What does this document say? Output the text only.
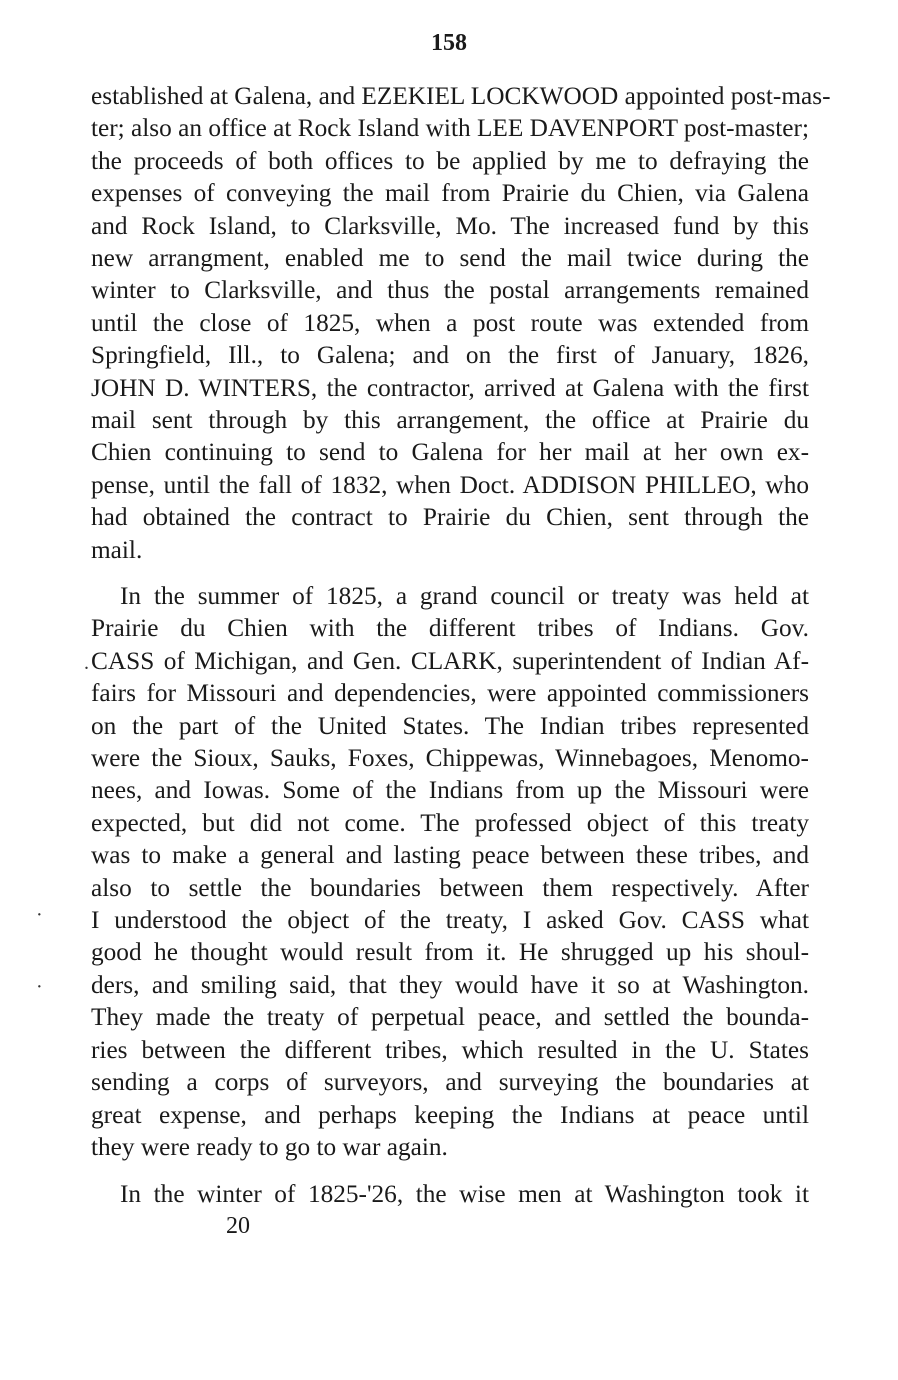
158
established at Galena, and EZEKIEL LOCKWOOD appointed post-mas-
ter; also an office at Rock Island with LEE DAVENPORT post-master;
the proceeds of both offices to be applied by me to defraying the
expenses of conveying the mail from Prairie du Chien, via Galena
and Rock Island, to Clarksville, Mo. The increased fund by this
new arrangment, enabled me to send the mail twice during the
winter to Clarksville, and thus the postal arrangements remained
until the close of 1825, when a post route was extended from
Springfield, Ill., to Galena; and on the first of January, 1826,
JOHN D. WINTERS, the contractor, arrived at Galena with the first
mail sent through by this arrangement, the office at Prairie du
Chien continuing to send to Galena for her mail at her own ex-
pense, until the fall of 1832, when Doct. ADDISON PHILLEO, who
had obtained the contract to Prairie du Chien, sent through the
mail.
In the summer of 1825, a grand council or treaty was held at
Prairie du Chien with the different tribes of Indians. Gov.
CASS of Michigan, and Gen. CLARK, superintendent of Indian Af-
fairs for Missouri and dependencies, were appointed commissioners
on the part of the United States. The Indian tribes represented
were the Sioux, Sauks, Foxes, Chippewas, Winnebagoes, Menomo-
nees, and Iowas. Some of the Indians from up the Missouri were
expected, but did not come. The professed object of this treaty
was to make a general and lasting peace between these tribes, and
also to settle the boundaries between them respectively. After
I understood the object of the treaty, I asked Gov. CASS what
good he thought would result from it. He shrugged up his shoul-
ders, and smiling said, that they would have it so at Washington.
They made the treaty of perpetual peace, and settled the bounda-
ries between the different tribes, which resulted in the U. States
sending a corps of surveyors, and surveying the boundaries at
great expense, and perhaps keeping the Indians at peace until
they were ready to go to war again.
In the winter of 1825-'26, the wise men at Washington took it
20
.
·
·
